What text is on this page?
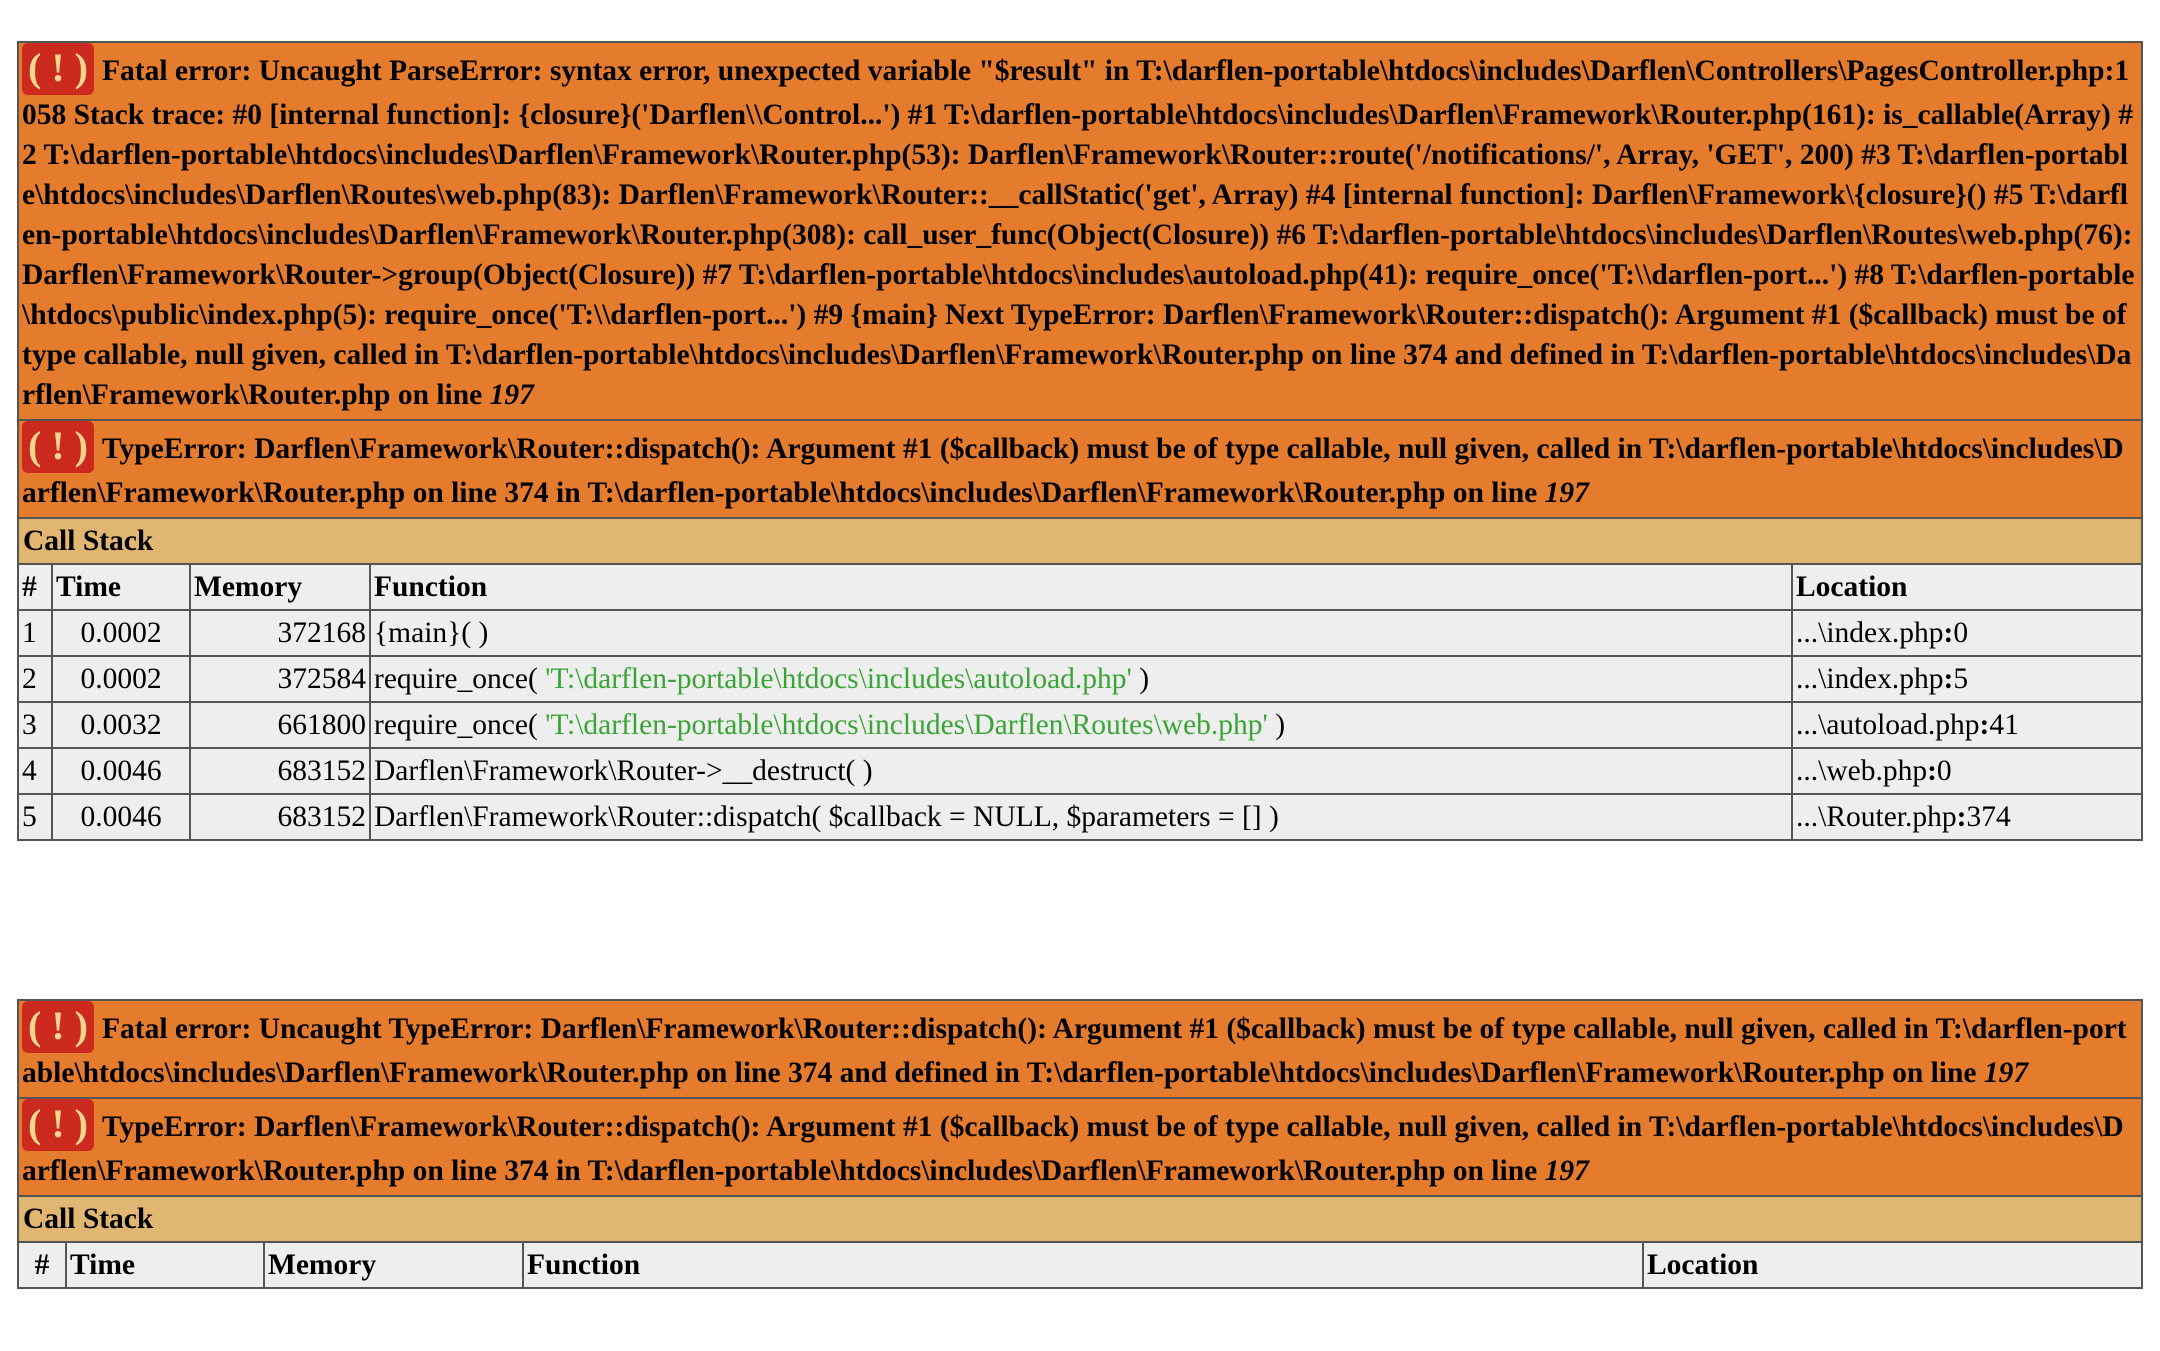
( ! ) Fatal error: Uncaught ParseError: syntax error, unexpected variable "$result" in T:\darflen-portable\htdocs\includes\Darflen\Controllers\PagesController.php:1058 Stack trace: #0 [internal function]: {closure}('Darflen\\Control...') #1 T:\darflen-portable\htdocs\includes\Darflen\Framework\Router.php(161): is_callable(Array) #2 T:\darflen-portable\htdocs\includes\Darflen\Framework\Router.php(53): Darflen\Framework\Router::route('/notifications/', Array, 'GET', 200) #3 T:\darflen-portable\htdocs\includes\Darflen\Routes\web.php(83): Darflen\Framework\Router::__callStatic('get', Array) #4 [internal function]: Darflen\Framework\{closure}() #5 T:\darflen-portable\htdocs\includes\Darflen\Framework\Router.php(308): call_user_func(Object(Closure)) #6 T:\darflen-portable\htdocs\includes\Darflen\Routes\web.php(76): Darflen\Framework\Router->group(Object(Closure)) #7 T:\darflen-portable\htdocs\includes\autoload.php(41): require_once('T:\\darflen-port...') #8 T:\darflen-portable\htdocs\public\index.php(5): require_once('T:\\darflen-port...') #9 {main} Next TypeError: Darflen\Framework\Router::dispatch(): Argument #1 ($callback) must be of type callable, null given, called in T:\darflen-portable\htdocs\includes\Darflen\Framework\Router.php on line 374 and defined in T:\darflen-portable\htdocs\includes\Darflen\Framework\Router.php on line 197				
( ! ) TypeError: Darflen\Framework\Router::dispatch(): Argument #1 ($callback) must be of type callable, null given, called in T:\darflen-portable\htdocs\includes\Darflen\Framework\Router.php on line 374 in T:\darflen-portable\htdocs\includes\Darflen\Framework\Router.php on line 197				
Call Stack				
#	Time	Memory	Function	Location
1	0.0002	372168	{main}( )	...\index.php:0
2	0.0002	372584	require_once( 'T:\darflen-portable\htdocs\includes\autoload.php' )	...\index.php:5
3	0.0032	661800	require_once( 'T:\darflen-portable\htdocs\includes\Darflen\Routes\web.php' )	...\autoload.php:41
4	0.0046	683152	Darflen\Framework\Router->__destruct( )	...\web.php:0
5	0.0046	683152	Darflen\Framework\Router::dispatch( $callback = NULL, $parameters = [] )	...\Router.php:374
( ! ) Fatal error: Uncaught TypeError: Darflen\Framework\Router::dispatch(): Argument #1 ($callback) must be of type callable, null given, called in T:\darflen-portable\htdocs\includes\Darflen\Framework\Router.php on line 374 and defined in T:\darflen-portable\htdocs\includes\Darflen\Framework\Router.php on line 197
( ! ) TypeError: Darflen\Framework\Router::dispatch(): Argument #1 ($callback) must be of type callable, null given, called in T:\darflen-portable\htdocs\includes\Darflen\Framework\Router.php on line 374 in T:\darflen-portable\htdocs\includes\Darflen\Framework\Router.php on line 197
Call Stack
#	Time	Memory	Function	Location
